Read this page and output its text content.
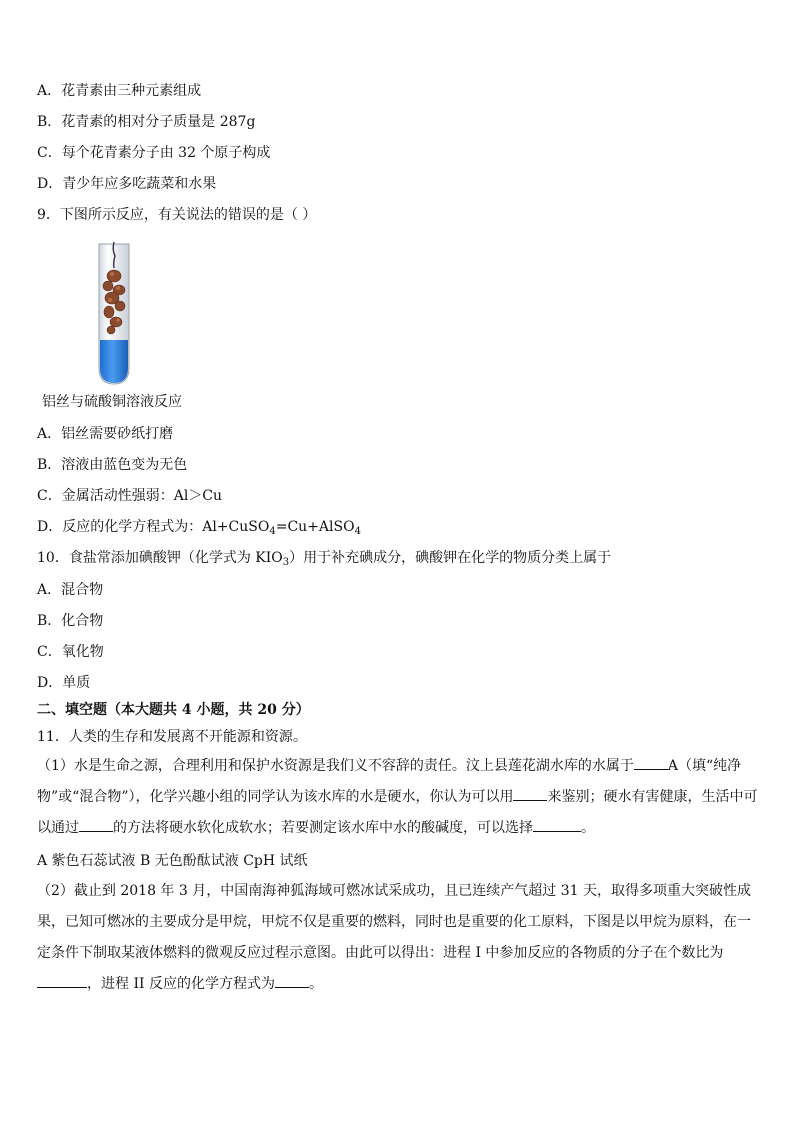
A．花青素由三种元素组成
B．花青素的相对分子质量是 287g
C．每个花青素分子由 32 个原子构成
D．青少年应多吃蔬菜和水果
9．下图所示反应，有关说法的错误的是（ ）
铝丝与硫酸铜溶液反应
A．铝丝需要砂纸打磨
B．溶液由蓝色变为无色
C．金属活动性强弱：Al＞Cu
D．反应的化学方程式为：Al+CuSO$_4$=Cu+AlSO$_4$
10．食盐常添加碘酸钾（化学式为 $KIO_3$）用于补充碘成分，碘酸钾在化学的物质分类上属于
A．混合物
B．化合物
C．氧化物
D．单质
二、填空题（本大题共 4 小题，共 20 分）
11．人类的生存和发展离不开能源和资源。
（1）水是生命之源，合理利用和保护水资源是我们义不容辞的责任。汶上县莲花湖水库的水属于 A（填“纯净物”或“混合物”），化学兴趣小组的同学认为该水库的水是硬水，你认为可以用 来鉴别；硬水有害健康，生活中可以通过 的方法将硬水软化成软水；若要测定该水库中水的酸碱度，可以选择	。
A 紫色石蕊试液 B 无色酚酞试液 CpH 试纸
（2）截止到 2018 年 3 月，中国南海神狐海域可燃冰试采成功，且已连续产气超过 31 天，取得多项重大突破性成果，已知可燃冰的主要成分是甲烷，甲烷不仅是重要的燃料，同时也是重要的化工原料，下图是以甲烷为原料，在一定条件下制取某液体燃料的微观反应过程示意图。由此可以得出：进程 I 中参加反应的各物质的分子在个数比为，进程 II 反应的化学方程式为 。
